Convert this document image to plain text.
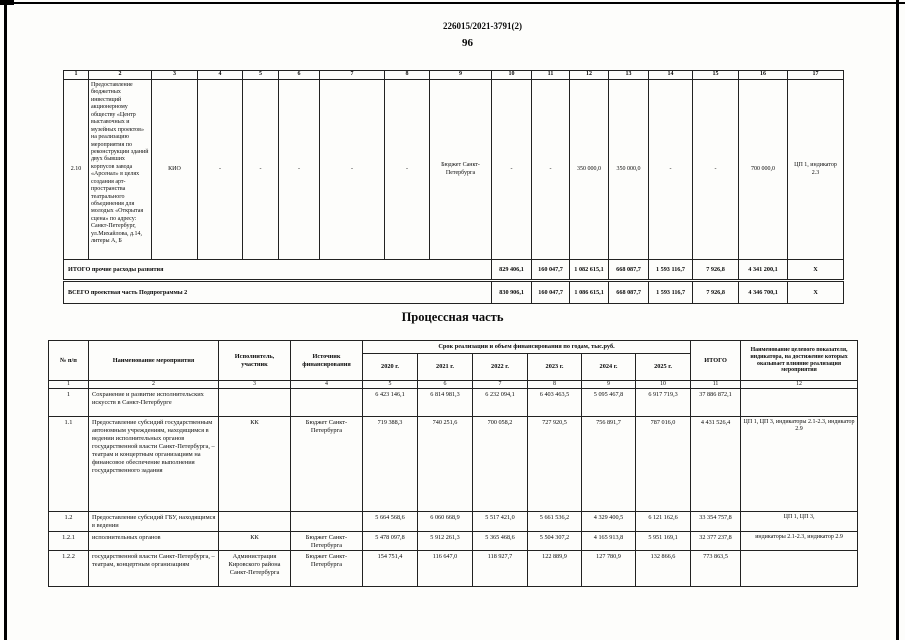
226015/2021-3791(2)
96
1	2	3	4	5	6	7	8	9	10	11	12	13	14	15	16	17
2.10	Предоставление бюджетных инвестиций акционерному обществу «Центр выставочных и музейных проектов» на реализацию мероприятия по реконструкции зданий двух бывших корпусов завода «Арсенал» в целях создания арт-пространства театрального объединения для молодых «Открытая сцена» по адресу: Санкт-Петербург, ул.Михайлова, д.14, литеры А, Б	КИО	-	-	-	-	-	Бюджет Санкт-Петербурга	-	-	350 000,0	350 000,0	-	-	700 000,0	ЦП 1, индикатор 2.3
ИТОГО прочие расходы развития									829 406,1	160 047,7	1 082 615,1	668 087,7	1 593 116,7	7 926,8	4 341 200,1	X
ВСЕГО проектная часть Подпрограммы 2	830 906,1	160 047,7	1 086 615,1	668 087,7	1 593 116,7	7 926,8	4 346 700,1	X
Процессная часть
№ п/п	Наименование мероприятия	Исполнитель, участник	Источник финансирования	Срок реализации и объем финансирования по годам, тыс.руб.						ИТОГО	Наименование целевого показателя, индикатора, на достижение которых оказывает влияние реализация мероприятия
				2020 г.	2021 г.	2022 г.	2023 г.	2024 г.	2025 г.		
1	2	3	4	5	6	7	8	9	10	11	12
1	Сохранение и развитие исполнительских искусств в Санкт-Петербурге			6 423 146,1	6 814 981,3	6 232 094,1	6 403 463,5	5 095 467,8	6 917 719,3	37 886 872,1	
1.1	Предоставление субсидий государственным автономным учреждениям, находящимся в ведении исполнительных органов государственной власти Санкт-Петербурга, – театрам и концертным организациям на финансовое обеспечение выполнения государственного задания	КК	Бюджет Санкт-Петербурга	719 388,3	740 251,6	700 058,2	727 920,5	756 891,7	787 016,0	4 431 526,4	ЦП 1, ЦП 3, индикаторы 2.1-2.3, индикатор 2.9
1.2	Предоставление субсидий ГБУ, находящимся в ведении			5 664 568,6	6 060 668,9	5 517 421,0	5 661 536,2	4 329 400,5	6 121 162,6	33 354 757,8	ЦП 1, ЦП 3,
1.2.1	исполнительных органов	КК	Бюджет Санкт-Петербурга	5 478 097,8	5 912 261,3	5 365 468,6	5 504 307,2	4 165 913,8	5 951 169,1	32 377 237,8	индикаторы 2.1-2.3, индикатор 2.9
1.2.2	государственной власти Санкт-Петербурга, – театрам, концертным организациям	Администрация Кировского района Санкт-Петербурга	Бюджет Санкт-Петербурга	154 751,4	116 647,0	118 927,7	122 889,9	127 780,9	132 866,6	773 863,5	
